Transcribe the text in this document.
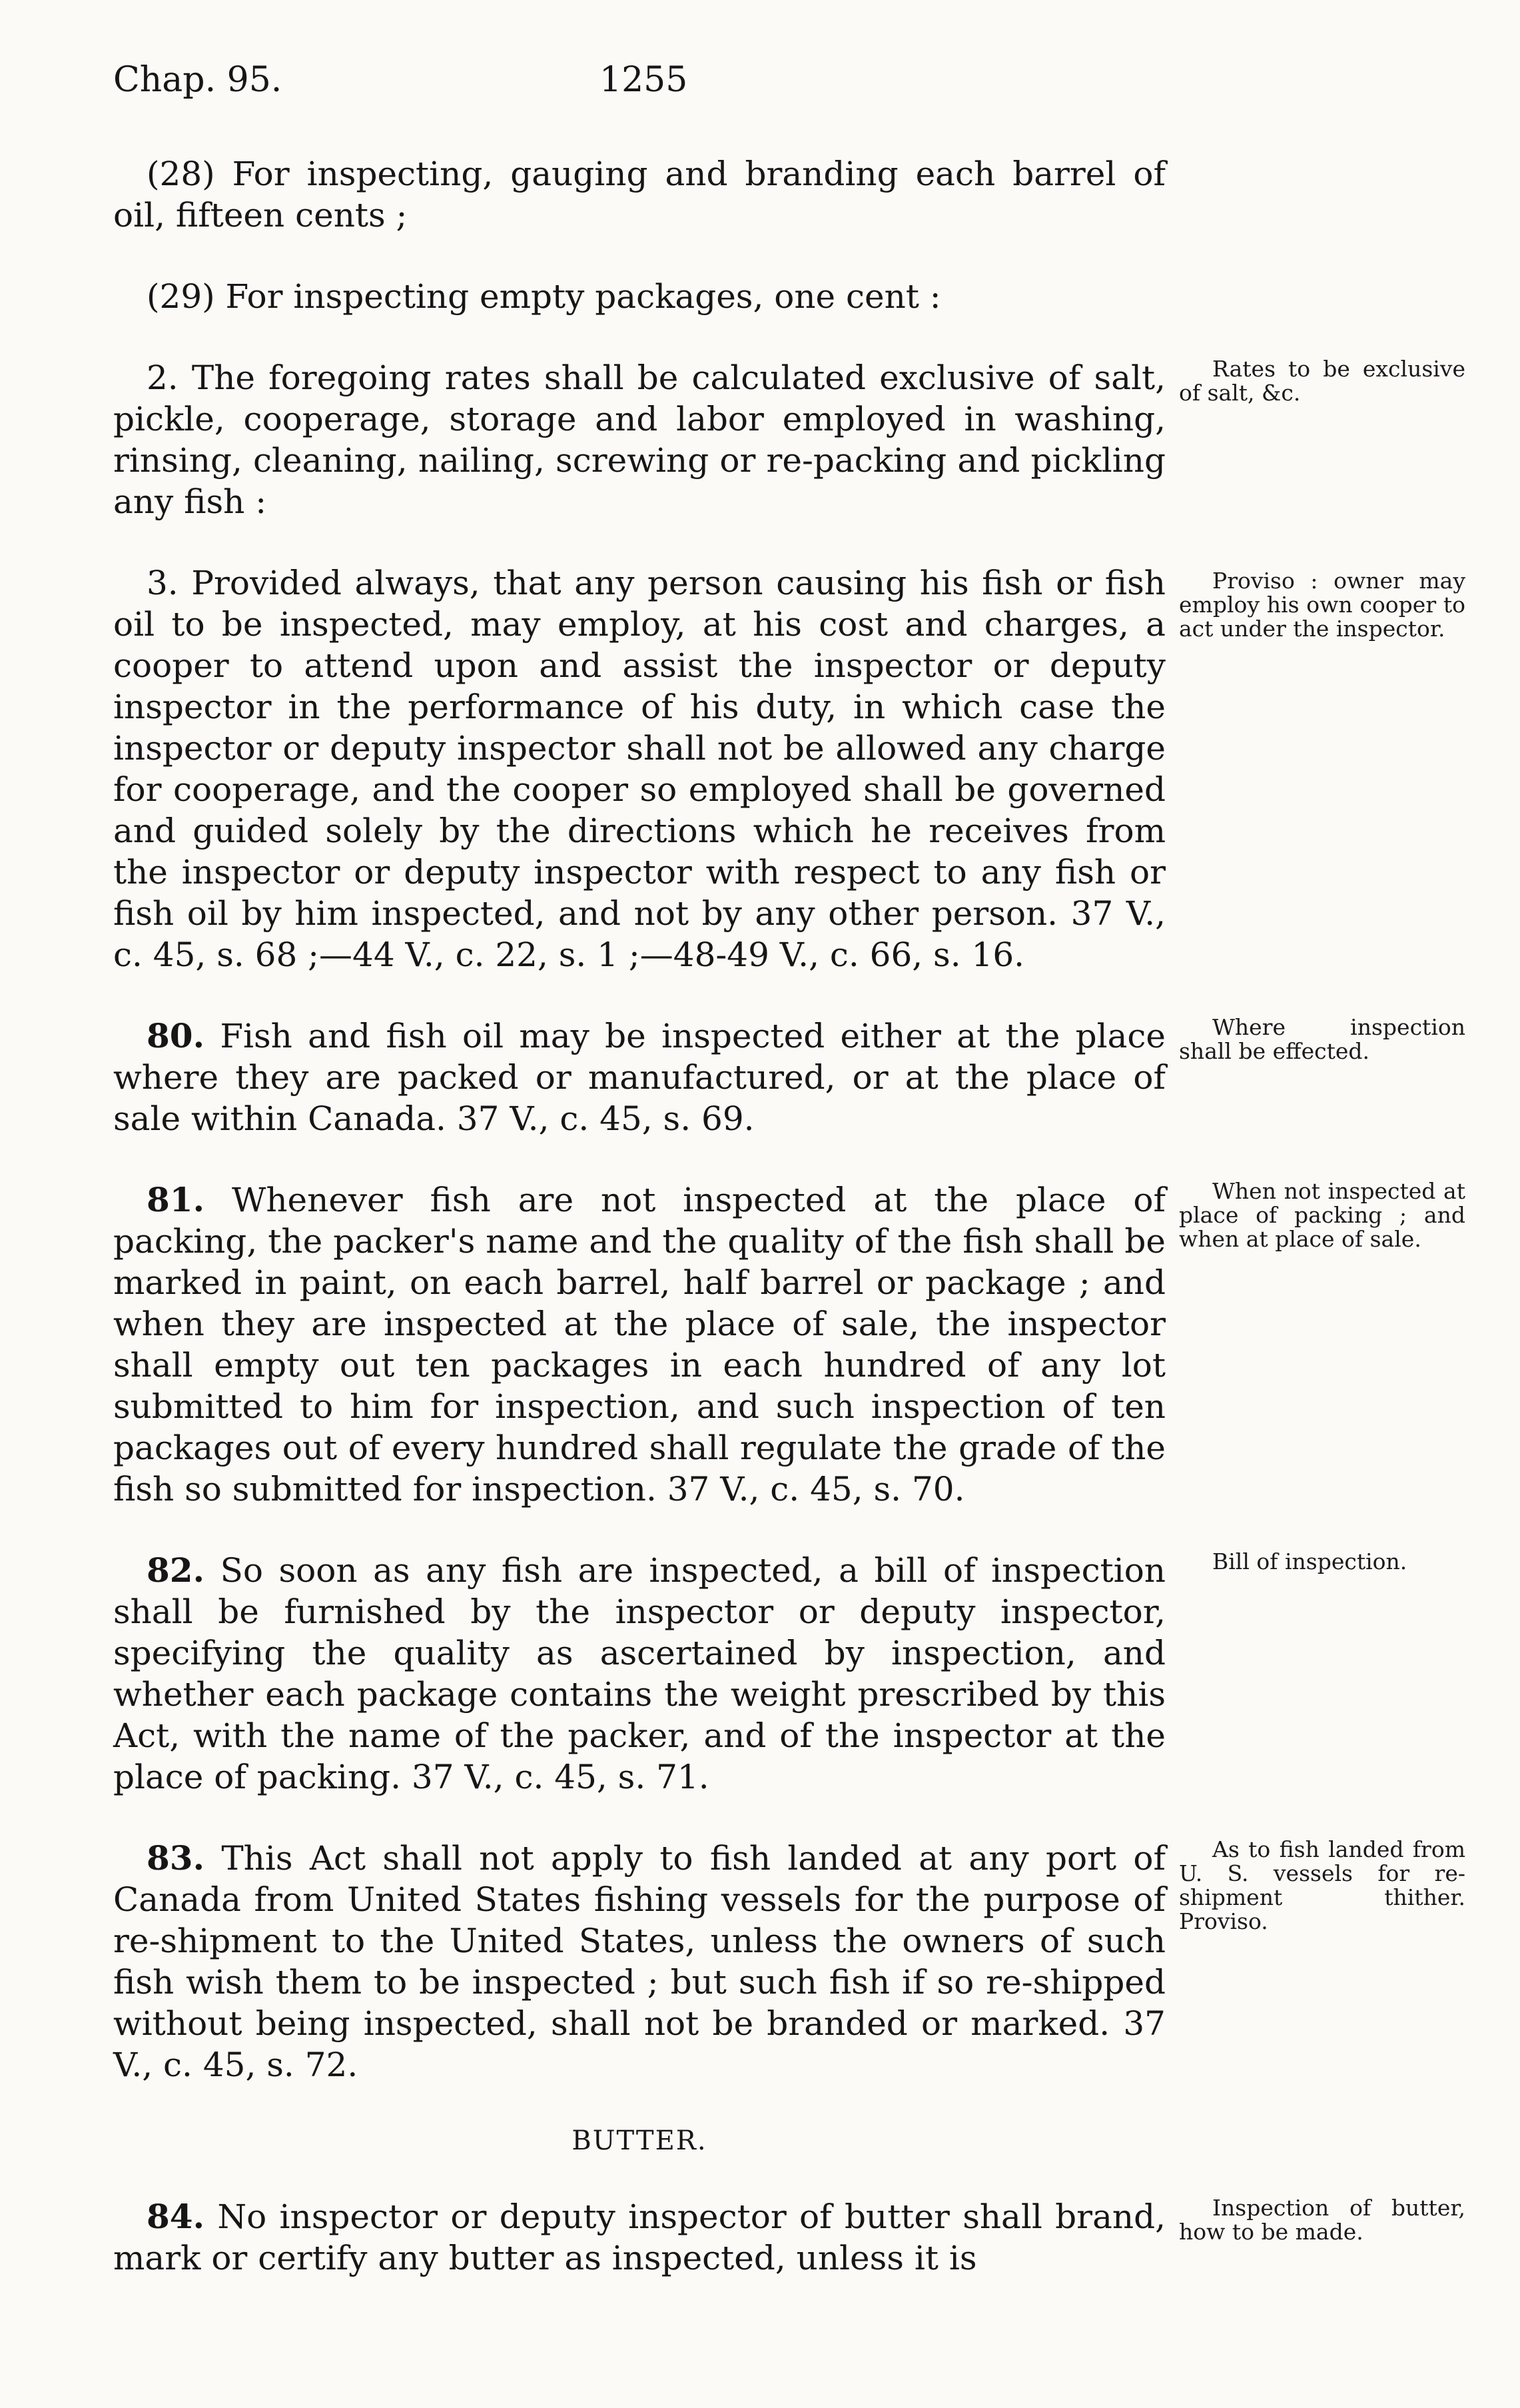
Chap. 95.	1255

(28) For inspecting, gauging and branding each barrel of oil, fifteen cents ;

(29) For inspecting empty packages, one cent :

2. The foregoing rates shall be calculated exclusive of salt, pickle, cooperage, storage and labor employed in washing, rinsing, cleaning, nailing, screwing or re-packing and pickling any fish :
Rates to be exclusive of salt, &c.

3. Provided always, that any person causing his fish or fish oil to be inspected, may employ, at his cost and charges, a cooper to attend upon and assist the inspector or deputy inspector in the performance of his duty, in which case the inspector or deputy inspector shall not be allowed any charge for cooperage, and the cooper so employed shall be governed and guided solely by the directions which he receives from the inspector or deputy inspector with respect to any fish or fish oil by him inspected, and not by any other person. 37 V., c. 45, s. 68 ;—44 V., c. 22, s. 1 ;—48-49 V., c. 66, s. 16.
Proviso : owner may employ his own cooper to act under the inspector.

80. Fish and fish oil may be inspected either at the place where they are packed or manufactured, or at the place of sale within Canada. 37 V., c. 45, s. 69.
Where inspection shall be effected.

81. Whenever fish are not inspected at the place of packing, the packer's name and the quality of the fish shall be marked in paint, on each barrel, half barrel or package ; and when they are inspected at the place of sale, the inspector shall empty out ten packages in each hundred of any lot submitted to him for inspection, and such inspection of ten packages out of every hundred shall regulate the grade of the fish so submitted for inspection. 37 V., c. 45, s. 70.
When not inspected at place of packing ; and when at place of sale.

82. So soon as any fish are inspected, a bill of inspection shall be furnished by the inspector or deputy inspector, specifying the quality as ascertained by inspection, and whether each package contains the weight prescribed by this Act, with the name of the packer, and of the inspector at the place of packing. 37 V., c. 45, s. 71.
Bill of inspection.

83. This Act shall not apply to fish landed at any port of Canada from United States fishing vessels for the purpose of re-shipment to the United States, unless the owners of such fish wish them to be inspected ; but such fish if so re-shipped without being inspected, shall not be branded or marked. 37 V., c. 45, s. 72.
As to fish landed from U. S. vessels for re-shipment thither. Proviso.

BUTTER.

84. No inspector or deputy inspector of butter shall brand, mark or certify any butter as inspected, unless it is
Inspection of butter, how to be made.
